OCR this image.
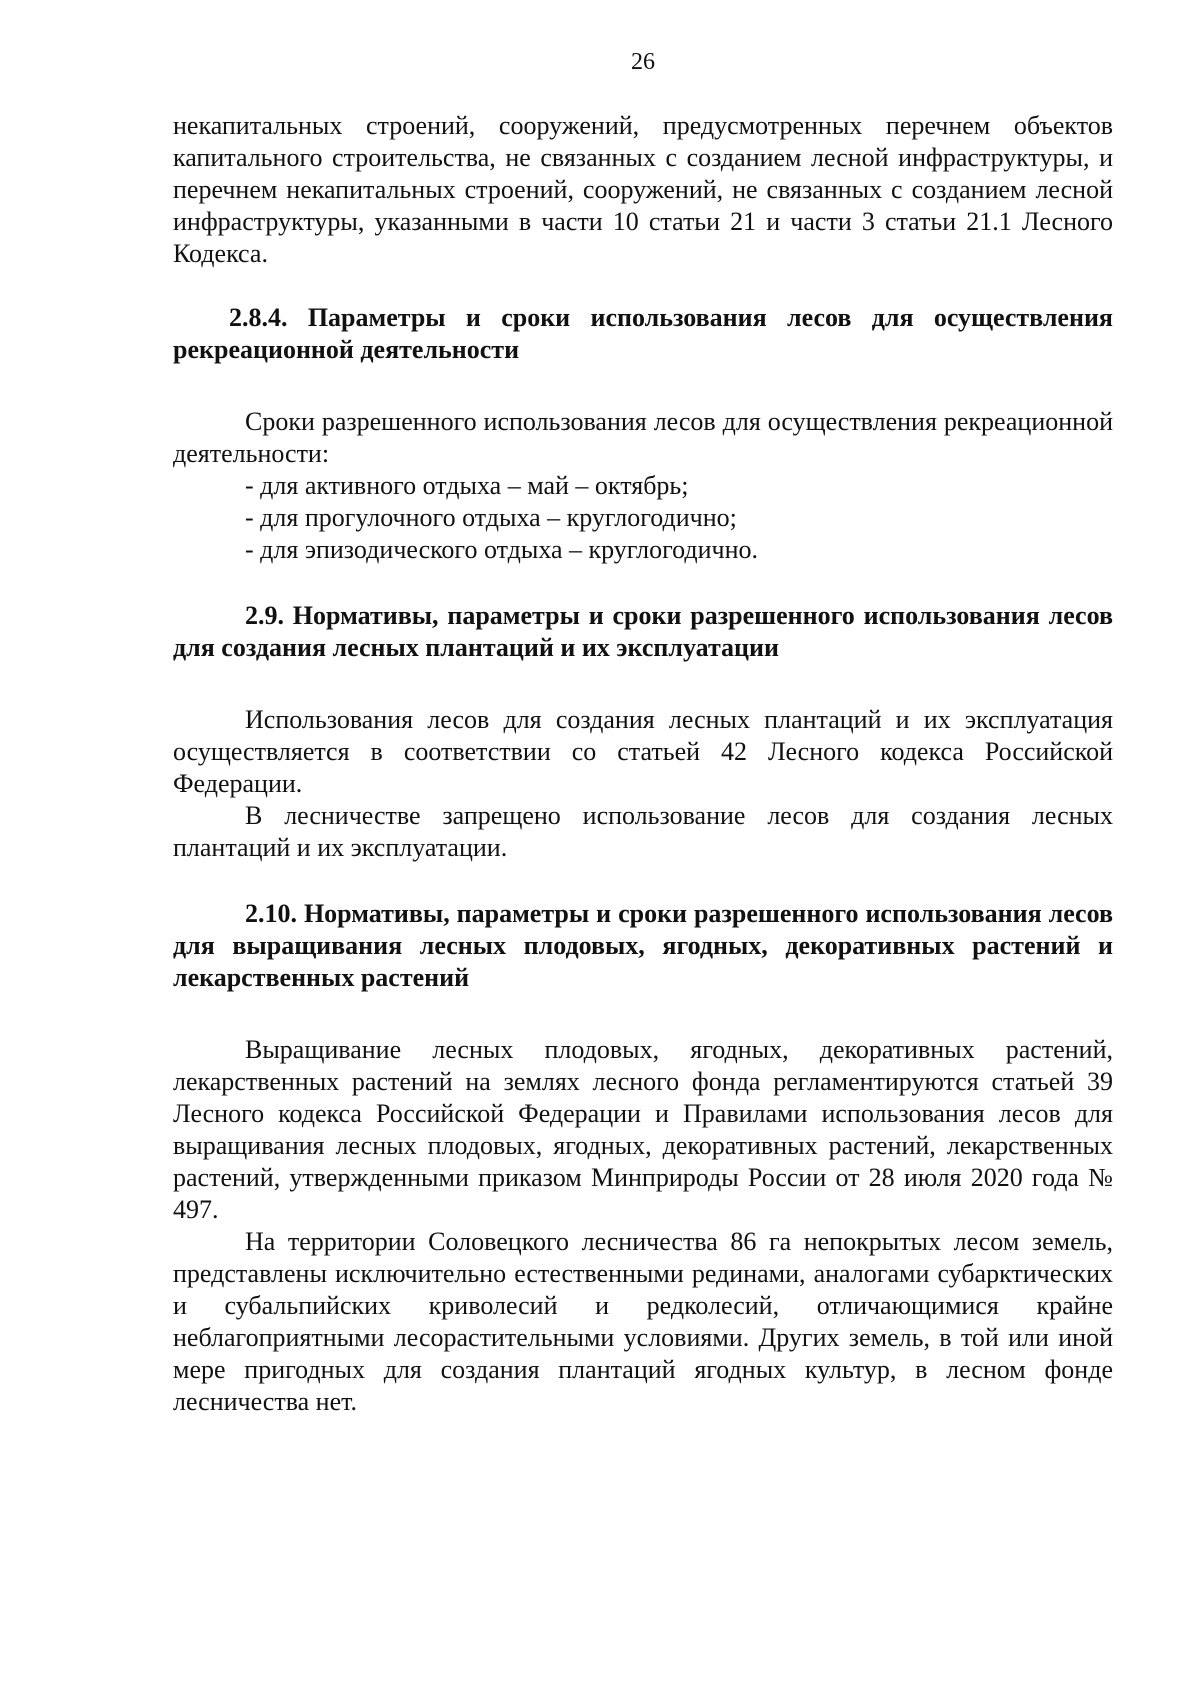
26

некапитальных строений, сооружений, предусмотренных перечнем объектов капитального строительства, не связанных с созданием лесной инфраструктуры, и перечнем некапитальных строений, сооружений, не связанных с созданием лесной инфраструктуры, указанными в части 10 статьи 21 и части 3 статьи 21.1 Лесного Кодекса.

2.8.4. Параметры и сроки использования лесов для осуществления рекреационной деятельности

Сроки разрешенного использования лесов для осуществления рекреационной деятельности:

- для активного отдыха – май – октябрь;
- для прогулочного отдыха – круглогодично;
- для эпизодического отдыха – круглогодично.

2.9. Нормативы, параметры и сроки разрешенного использования лесов для создания лесных плантаций и их эксплуатации

Использования лесов для создания лесных плантаций и их эксплуатация осуществляется в соответствии со статьей 42 Лесного кодекса Российской Федерации.

В лесничестве запрещено использование лесов для создания лесных плантаций и их эксплуатации.

2.10. Нормативы, параметры и сроки разрешенного использования лесов для выращивания лесных плодовых, ягодных, декоративных растений и лекарственных растений

Выращивание лесных плодовых, ягодных, декоративных растений, лекарственных растений на землях лесного фонда регламентируются статьей 39 Лесного кодекса Российской Федерации и Правилами использования лесов для выращивания лесных плодовых, ягодных, декоративных растений, лекарственных растений, утвержденными приказом Минприроды России от 28 июля 2020 года № 497.

На территории Соловецкого лесничества 86 га непокрытых лесом земель, представлены исключительно естественными рединами, аналогами субарктических и субальпийских криволесий и редколесий, отличающимися крайне неблагоприятными лесорастительными условиями. Других земель, в той или иной мере пригодных для создания плантаций ягодных культур, в лесном фонде лесничества нет.
